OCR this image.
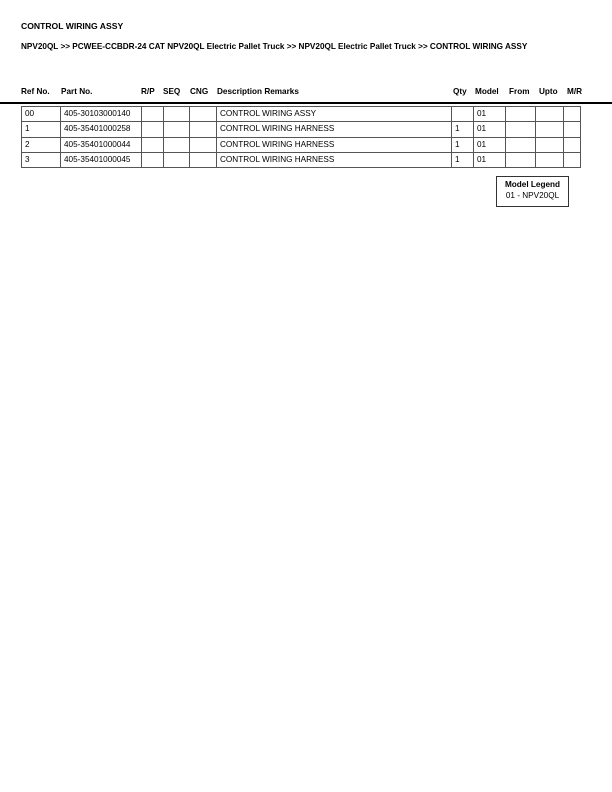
CONTROL WIRING ASSY
NPV20QL >> PCWEE-CCBDR-24 CAT NPV20QL Electric Pallet Truck >> NPV20QL Electric Pallet Truck >> CONTROL WIRING ASSY
Ref No. Part No.	R/P SEQ CNG Description Remarks	Qty Model From Upto M/R
00	405-30103000140				CONTROL WIRING ASSY		01			
1	405-35401000258				CONTROL WIRING HARNESS	1	01			
2	405-35401000044				CONTROL WIRING HARNESS	1	01			
3	405-35401000045				CONTROL WIRING HARNESS	1	01			
Model Legend
01 - NPV20QL
